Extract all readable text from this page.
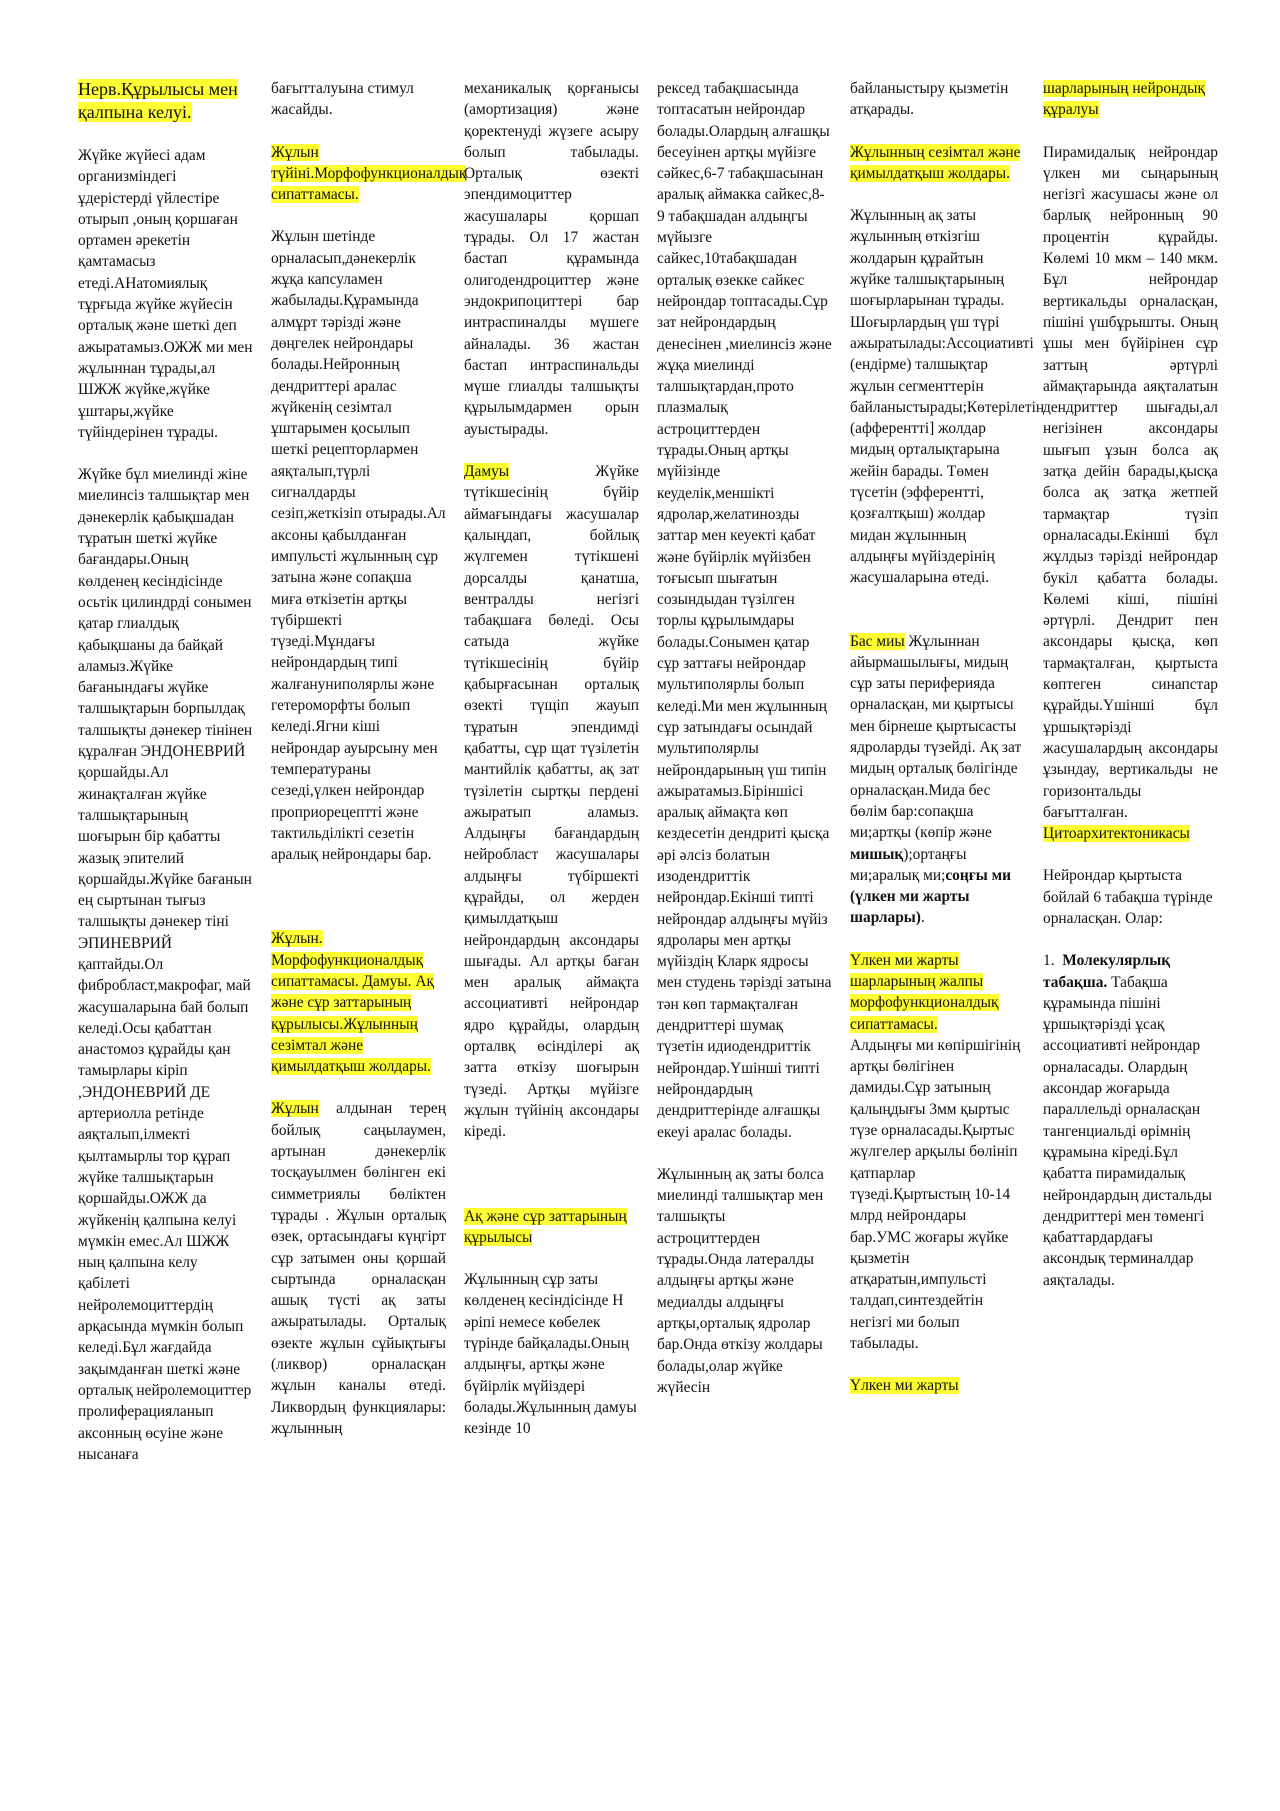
Нерв.Құрылысы мен қалпына келуі.

Жүйке жүйесі адам организміндегі ұдерістерді үйлестіре отырып ,оның қоршаған ортамен әрекетін қамтамасыз етеді.АНатомиялық тұрғыда жүйке жүйесін орталық және шеткі деп ажыратамыз.ОЖЖ ми мен жұлыннан тұрады,ал ШЖЖ жүйке,жүйке ұштары,жүйке түйіндерінен тұрады.

Жүйке бұл миелинді жіне миелинсіз талшықтар мен дәнекерлік қабықшадан тұратын шеткі жүйке бағандары.Оның көлденең кесіндісінде осьтік цилиндрді сонымен қатар глиалдық қабықшаны да байқай аламыз.Жүйке бағанындағы жүйке талшықтарын борпылдақ талшықты дәнекер тінінен құралған ЭНДОНЕВРИЙ қоршайды.Ал жинақталған жүйке талшықтарының шоғырын бір қабатты жазық эпителий қоршайды.Жүйке бағанын ең сыртынан тығыз талшықты дәнекер тіні ЭПИНЕВРИЙ қаптайды.Ол фибробласт,макрофаг, май жасушаларына бай болып келеді.Осы қабаттан анастомоз құрайды қан тамырлары кіріп ,ЭНДОНЕВРИЙ ДЕ артериолла ретінде аяқталып,ілмекті қылтамырлы тор құрап жүйке талшықтарын қоршайды.ОЖЖ да жүйкенің қалпына келуі мүмкін емес.Ал ШЖЖ ның қалпына келу қабілеті нейролемоциттердің арқасында мүмкін болып келеді.Бұл жағдайда зақымданған шеткі және орталық нейролемоциттер пролиферацияланып аксонның өсуіне және нысанаға

бағытталуына стимул жасайды.

Жұлын түйіні.Морфофункционалдық сипаттамасы.

Жұлын шетінде орналасып,дәнекерлік жұқа капсуламен жабылады.Құрамында алмұрт тәрізді және дөңгелек нейрондары болады.Нейронның дендриттері аралас жүйкенің сезімтал ұштарымен қосылып шеткі рецепторлармен аяқталып,түрлі сигналдарды сезіп,жеткізіп отырады.Ал аксоны қабылданған импульсті жұлынның сұр затына және сопақша миға өткізетін артқы түбіршекті түзеді.Мұндағы нейрондардың типі жалғануниполярлы және гетероморфты болып келеді.Ягни кіші нейрондар ауырсыну мен температураны сезеді,үлкен нейрондар проприорецептті және тактильділікті сезетін аралық нейрондары бар.

Жұлын. Морфофункционалдық сипаттамасы. Дамуы. Ақ және сұр заттарының құрылысы.Жұлынның сезімтал және қимылдатқыш жолдары.

Жұлын алдынан терең бойлық саңылаумен, артынан дәнекерлік тосқауылмен бөлінген екі симметриялы бөліктен тұрады . Жұлын орталық өзек, ортасындағы күңгірт сұр затымен оны қоршай сыртында орналасқан ашық түсті ақ заты ажыратылады. Орталық өзекте жұлын сұйықтығы (ликвор) орналасқан жұлын каналы өтеді. Ликвордың функциялары: жұлынның

механикалық қорғанысы (амортизация) және қоректенуді жүзеге асыру болып табылады. Орталық өзекті эпендимоциттер жасушалары қоршап тұрады. Ол 17 жастан бастап құрамында олигодендроциттер және эндокрипоциттері бар интраспиналды мүшеге айналады. 36 жастан бастап интраспинальды мүше глиалды талшықты құрылымдармен орын ауыстырады.

Дамуы Жүйке түтікшесінің бүйір аймағындағы жасушалар қалыңдап, бойлық жүлгемен түтікшені дорсалды қанатша, вентралды негізгі табақшаға бөледі. Осы сатыда жүйке түтікшесінің бүйір қабырғасынан орталық өзекті түщіп жауып тұратын эпендимді қабатты, сұр щат түзілетін мантийлік қабатты, ақ зат түзілетін сыртқы пердені ажыратып аламыз. Алдыңғы бағандардың нейробласт жасушалары алдыңғы түбіршекті құрайды, ол жерден қимылдатқыш нейрондардың аксондары шығады. Ал артқы баған мен аралық аймақта ассоциативті нейрондар ядро құрайды, олардың орталвқ өсінділері ақ затта өткізу шоғырын түзеді. Артқы мүйізге жұлын түйінің аксондары кіреді.

Ақ және сұр заттарының құрылысы

Жұлынның сұр заты көлденең кесіндісінде Н әріпі немесе көбелек түрінде байқалады.Оның алдыңғы, артқы және бүйірлік мүйіздері болады.Жұлынның дамуы кезінде 10

рексед табақшасында топтасатын нейрондар болады.Олардың алғашқы бесеуінен артқы мүйізге сәйкес,6-7 табақшасынан аралық аймакка сайкес,8-9 табақшадан алдыңгы мүйызге сайкес,10табақшадан орталық өзекке сайкес нейрондар топтасады.Сұр зат нейрондардың денесінен ,миелинсіз және жұқа миелинді талшықтардан,прото плазмалық астроциттерден тұрады.Оның артқы мүйізінде кеуделік,меншікті ядролар,желатинозды заттар мен кеуекті қабат және бүйірлік мүйізбен тоғысып шығатын созындыдан түзілген торлы құрылымдары болады.Сонымен қатар сұр заттағы нейрондар мультиполярлы болып келеді.Ми мен жұлынның сұр затындағы осындай мультиполярлы нейрондарының үш типін ажыратамыз.Біріншісі аралық аймақта көп кездесетін дендриті қысқа әрі әлсіз болатын изодендриттік нейрондар.Екінші типті нейрондар алдыңғы мүйіз ядролары мен артқы мүйіздің Кларк ядросы мен студень тәрізді затына тән көп тармақталған дендриттері шумақ түзетін идиодендриттік нейрондар.Үшінші типті нейрондардың дендриттерінде алғашқы екеуі аралас болады.

Жұлынның ақ заты болса миелинді талшықтар мен талшықты астроциттерден тұрады.Онда латералды алдыңғы артқы және медиалды алдыңғы артқы,орталық ядролар бар.Онда өткізу жолдары болады,олар жүйке жүйесін

байланыстыру қызметін атқарады.

Жұлынның сезімтал және қимылдатқыш жолдары.

Жұлынның ақ заты жұлынның өткізгіш жолдарын құрайтын жүйке талшықтарының шоғырларынан тұрады. Шоғырлардың үш түрі ажыратылады:Ассоциативті (ендірме) талшықтар жұлын сегменттерін байланыстырады;Көтерілетін (афферентті] жолдар мидың орталықтарына жейін барады. Төмен түсетін (эфферентті, қозғалтқыш) жолдар мидан жұлынның алдыңғы мүйіздерінің жасушаларына өтеді.

Бас миы Жұлыннан айырмашылығы, мидың сұр заты перифериядa орналасқан, ми қыртысы мен бірнеше қыртысасты ядроларды түзейді. Ақ зат мидың орталық бөлігінде орналасқан.Мида бес бөлім бар:сопақша ми;артқы (көпір және мишық);ортаңғы ми;аралық ми;соңғы ми (үлкен ми жарты шарлары).

Үлкен ми жарты шарларының жалпы морфофункционалдық сипаттамасы.

Алдыңғы ми көпіршігінің артқы бөлігінен дамиды.Сұр затының қалыңдығы 3мм қыртыс түзе орналасады.Қыртыс жүлгелер арқылы бөлініп қатпарлар түзеді.Қыртыстың 10-14 млрд нейрондары бар.УМС жоғары жүйке қызметін атқаратын,импульсті талдап,синтездейтін негізгі ми болып табылады.

Үлкен ми жарты

шарларының нейрондық құралуы

Пирамидалық нейрондар үлкен ми сыңарының негізгі жасушасы және ол барлық нейронның 90 процентін құрайды. Көлемі 10 мкм – 140 мкм. Бұл нейрондар вертикальды орналасқан, пішіні үшбұрышты. Оның ұшы мен бүйірінен сұр заттың әртүрлі аймақтарында аяқталатын дендриттер шығады,ал негізінен аксондары шығып ұзын болса ақ затқа дейін барады,қысқа болса ақ затқа жетпей тармақтар түзіп орналасады.Екінші бұл жұлдыз тәрізді нейрондар букіл қабатта болады. Көлемі кіші, пішіні әртүрлі. Дендрит пен аксондары қысқа, көп тармақталған, қыртыста көптеген синапстар құрайды.Үшінші бұл ұршықтәрізді жасушалардың аксондары ұзындау, вертикальды не горизонтальды бағытталған.

Цитоархитектоникасы

Нейрондар қыртыста бойлай 6 табақша түрінде орналасқан. Олар:

1. Молекулярлық табақша. Табақша құрамында пішіні ұршықтәрізді ұсақ ассоциативті нейрондар орналасады. Олардың аксондар жоғарыда параллельді орналасқан тангенциальді өрімнің құрамына кіреді.Бұл қабатта пирамидалық нейрондардың дистальды дендриттері мен төменгі қабаттардардағы аксондық терминалдар аяқталады.
